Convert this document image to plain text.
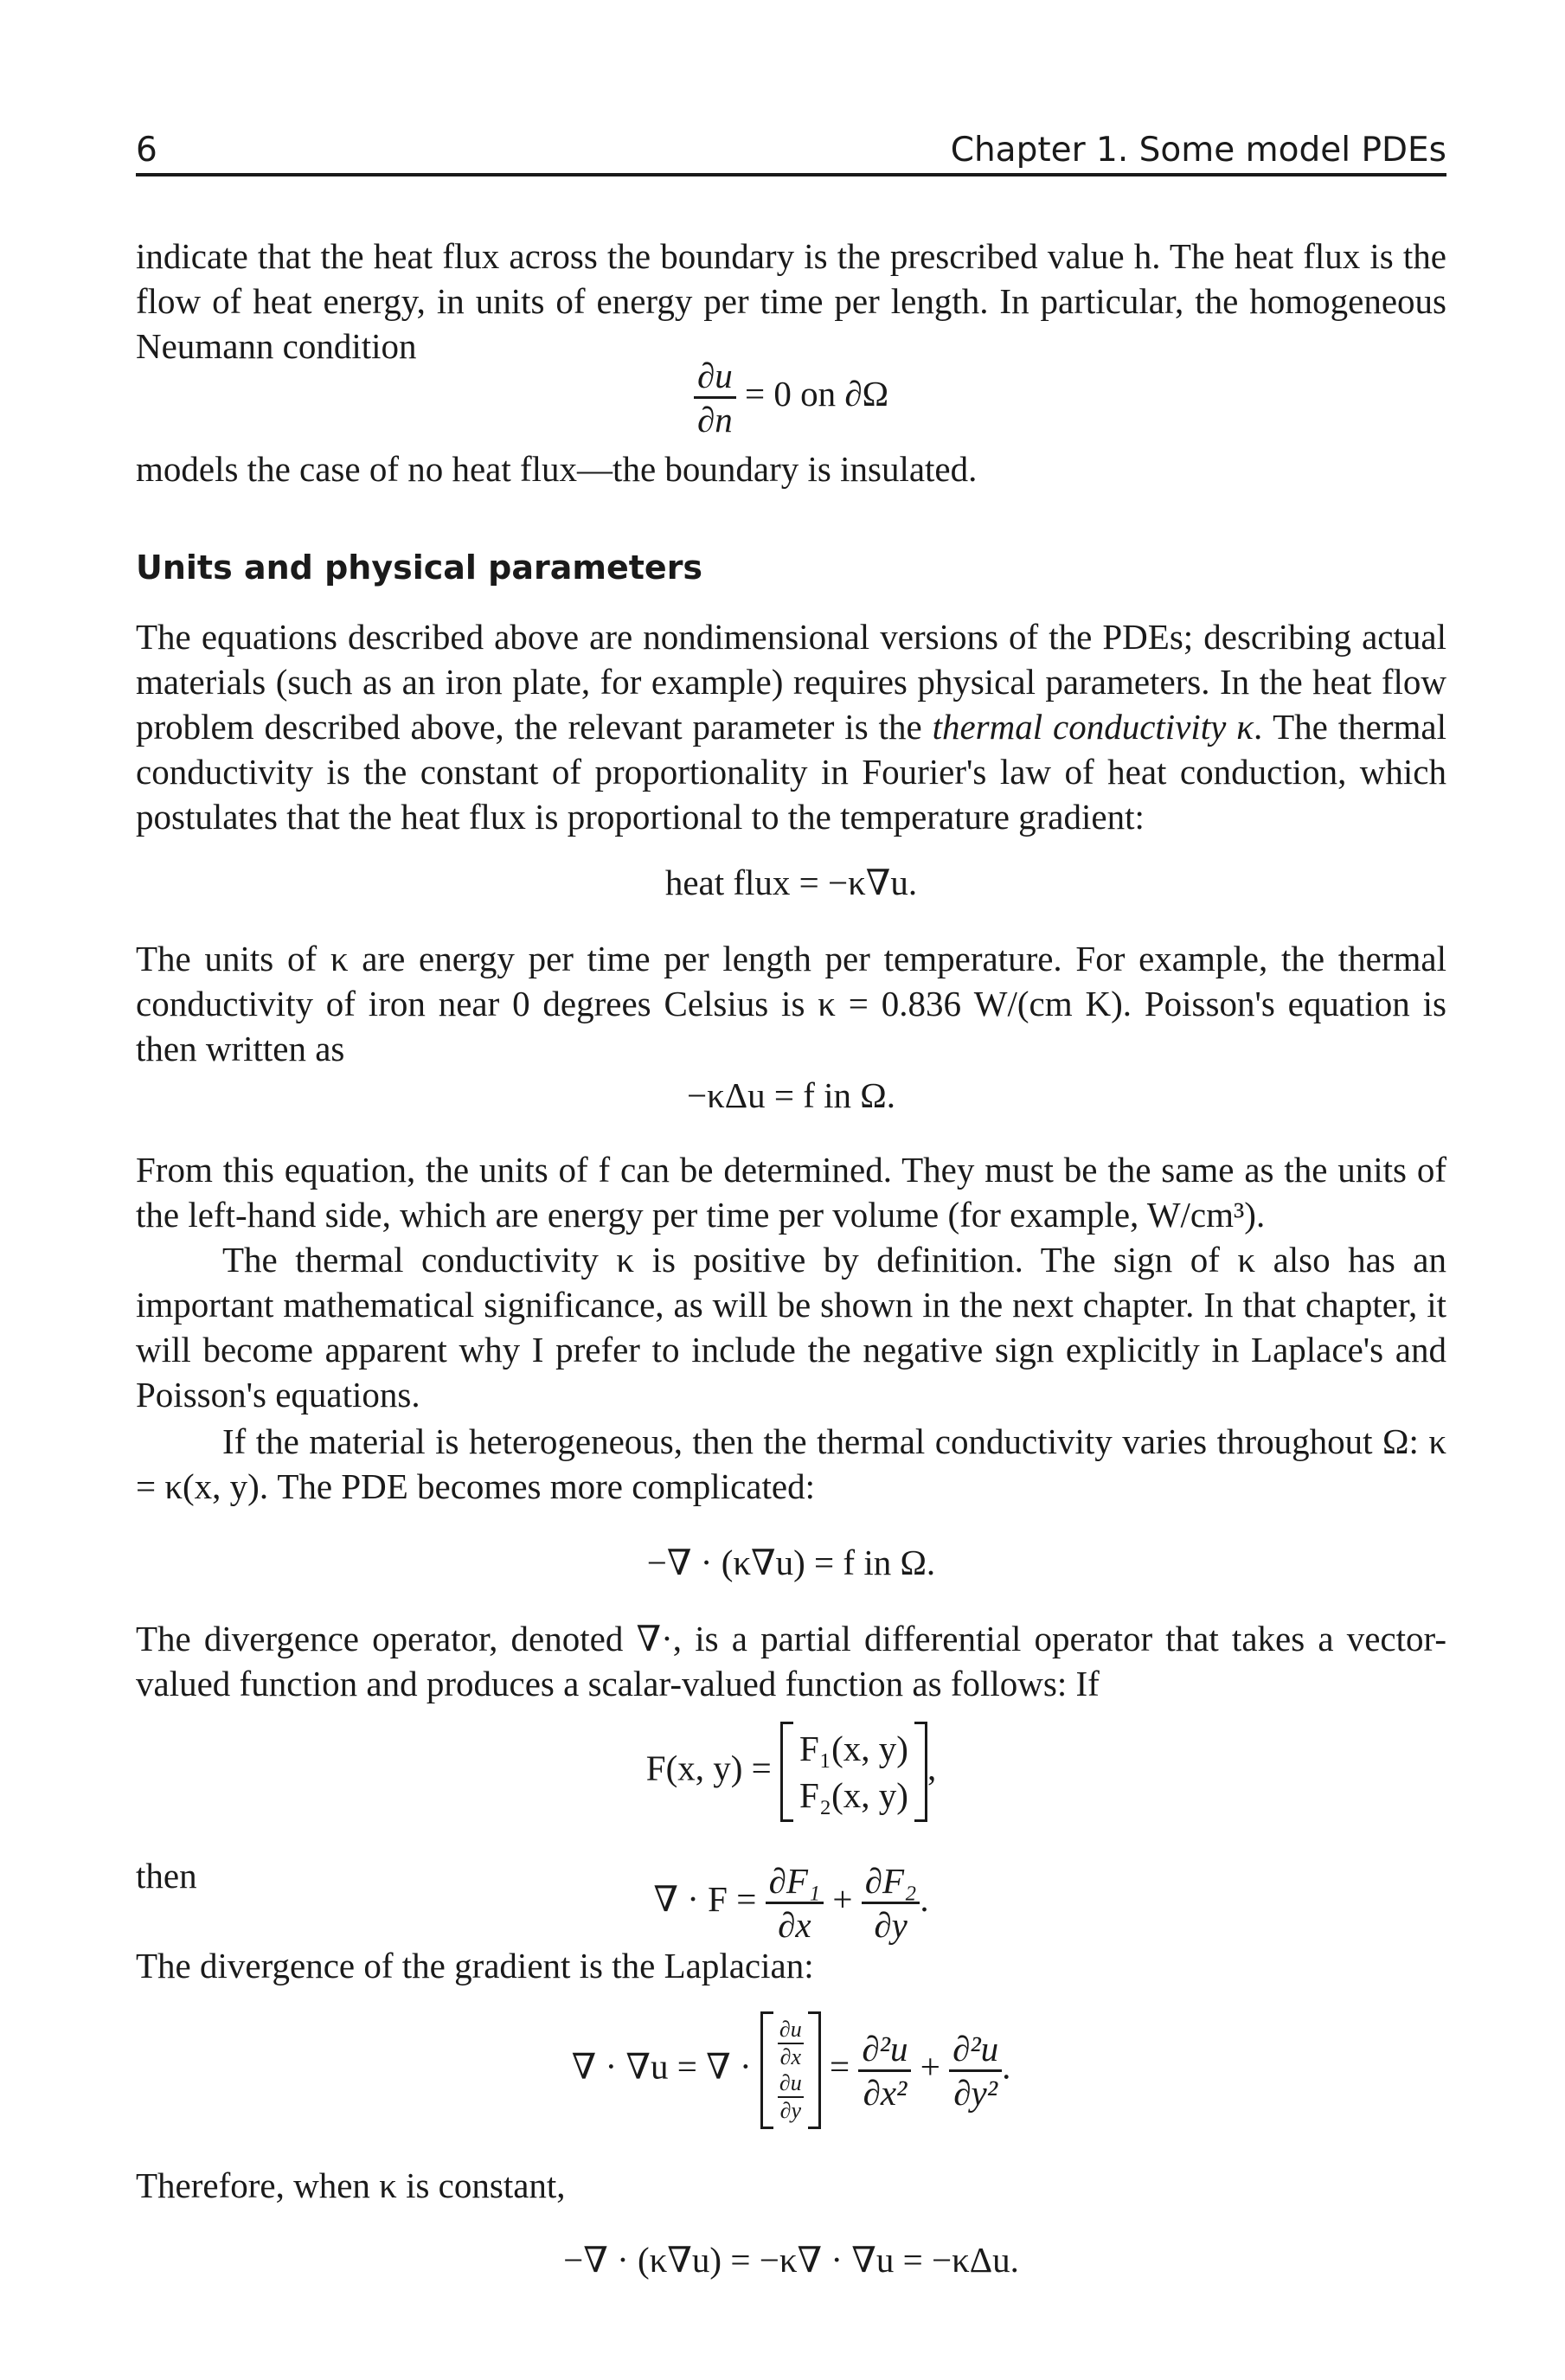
6	Chapter 1. Some model PDEs

indicate that the heat flux across the boundary is the prescribed value h. The heat flux is the flow of heat energy, in units of energy per time per length. In particular, the homogeneous Neumann condition

$\frac{\partial u}{\partial n} = 0$ on ∂Ω

models the case of no heat flux—the boundary is insulated.

Units and physical parameters

The equations described above are nondimensional versions of the PDEs; describing actual materials (such as an iron plate, for example) requires physical parameters. In the heat flow problem described above, the relevant parameter is the thermal conductivity κ. The thermal conductivity is the constant of proportionality in Fourier's law of heat conduction, which postulates that the heat flux is proportional to the temperature gradient:

heat flux = −κ∇u.

The units of κ are energy per time per length per temperature. For example, the thermal conductivity of iron near 0 degrees Celsius is κ = 0.836 W/(cm K). Poisson's equation is then written as

−κΔu = f in Ω.

From this equation, the units of f can be determined. They must be the same as the units of the left-hand side, which are energy per time per volume (for example, W/cm³).

The thermal conductivity κ is positive by definition. The sign of κ also has an important mathematical significance, as will be shown in the next chapter. In that chapter, it will become apparent why I prefer to include the negative sign explicitly in Laplace's and Poisson's equations.

If the material is heterogeneous, then the thermal conductivity varies throughout Ω: κ = κ(x, y). The PDE becomes more complicated:

−∇ · (κ∇u) = f in Ω.

The divergence operator, denoted ∇·, is a partial differential operator that takes a vector-valued function and produces a scalar-valued function as follows: If

F(x, y) = F₁(x, y)
F₂(x, y)
,

then

∇ · $F = \frac{\text{∂F₁}}{\partial x} + \frac{\text{∂F₂}}{\partial y}$ .

The divergence of the gradient is the Laplacian:

∇ · ∇u = ∇ · $\frac{\partial u}{\partial x}$
$\frac{\partial u}{\partial y}$
= $\frac{\text{∂²u}}{\text{∂x²}} + \frac{\text{∂²u}}{\text{∂y²}}$ .

Therefore, when κ is constant,

−∇ · (κ∇u) = −κ∇ · ∇u = −κΔu.
